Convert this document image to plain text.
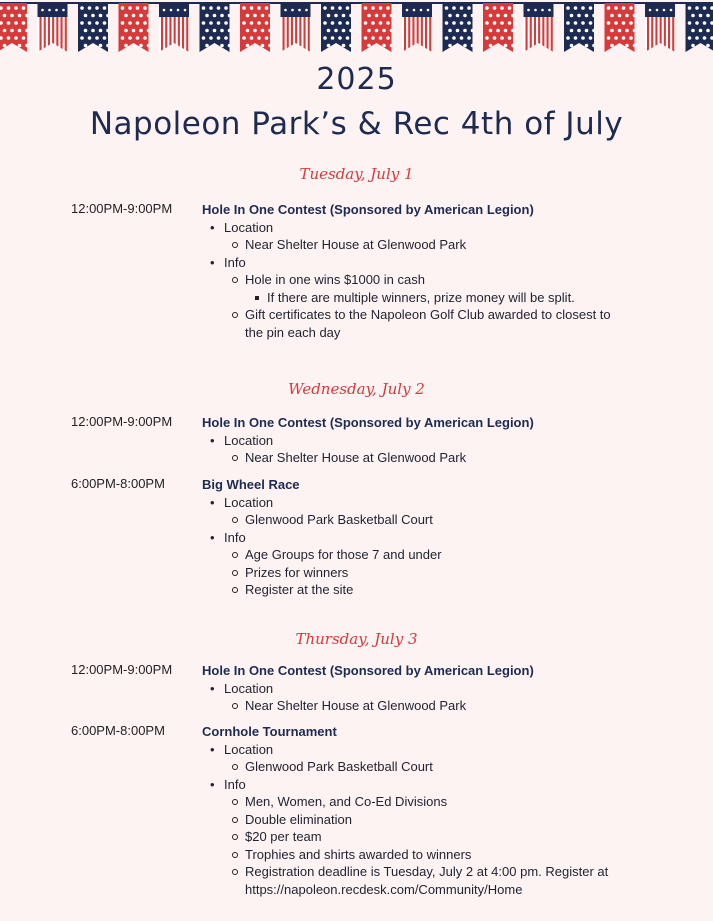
2025

Napoleon Park’s & Rec 4th of July

Tuesday, July 1
12:00PM-9:00PM Hole In One Contest (Sponsored by American Legion)
• Location
Near Shelter House at Glenwood Park
• Info
Hole in one wins $1000 in cash
If there are multiple winners, prize money will be split.
Gift certificates to the Napoleon Golf Club awarded to closest to
the pin each day
Wednesday, July 2
12:00PM-9:00PM Hole In One Contest (Sponsored by American Legion)
• Location
Near Shelter House at Glenwood Park
6:00PM-8:00PM	Big Wheel Race
• Location
Glenwood Park Basketball Court
• Info
Age Groups for those 7 and under
Prizes for winners
Register at the site
Thursday, July 3
12:00PM-9:00PM Hole In One Contest (Sponsored by American Legion)
• Location
Near Shelter House at Glenwood Park
6:00PM-8:00PM	Cornhole Tournament
• Location
Glenwood Park Basketball Court
• Info
Men, Women, and Co-Ed Divisions
Double elimination
$20 per team
Trophies and shirts awarded to winners
Registration deadline is Tuesday, July 2 at 4:00 pm. Register at
https://napoleon.recdesk.com/Community/Home
